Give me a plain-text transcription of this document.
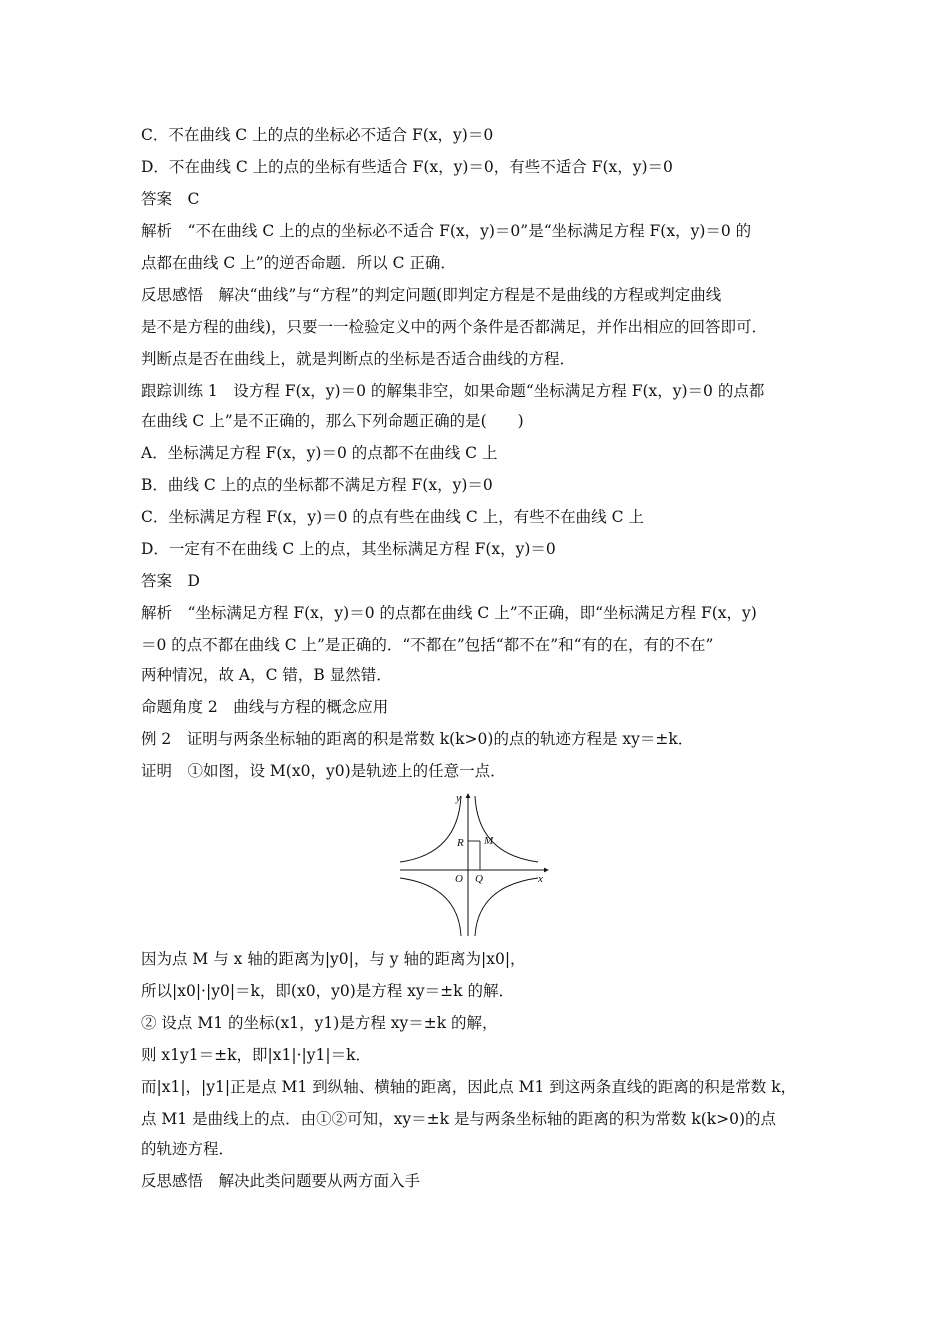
C．不在曲线 C 上的点的坐标必不适合 F(x，y)＝0
D．不在曲线 C 上的点的坐标有些适合 F(x，y)＝0，有些不适合 F(x，y)＝0
答案　C
解析　“不在曲线 C 上的点的坐标必不适合 F(x，y)＝0”是“坐标满足方程 F(x，y)＝0 的
点都在曲线 C 上”的逆否命题．所以 C 正确．
反思感悟　解决“曲线”与“方程”的判定问题(即判定方程是不是曲线的方程或判定曲线
是不是方程的曲线)，只要一一检验定义中的两个条件是否都满足，并作出相应的回答即可．
判断点是否在曲线上，就是判断点的坐标是否适合曲线的方程．
跟踪训练 1　设方程 F(x，y)＝0 的解集非空，如果命题“坐标满足方程 F(x，y)＝0 的点都
在曲线 C 上”是不正确的，那么下列命题正确的是(　　)
A．坐标满足方程 F(x，y)＝0 的点都不在曲线 C 上
B．曲线 C 上的点的坐标都不满足方程 F(x，y)＝0
C．坐标满足方程 F(x，y)＝0 的点有些在曲线 C 上，有些不在曲线 C 上
D．一定有不在曲线 C 上的点，其坐标满足方程 F(x，y)＝0
答案　D
解析　“坐标满足方程 F(x，y)＝0 的点都在曲线 C 上”不正确，即“坐标满足方程 F(x，y)
＝0 的点不都在曲线 C 上”是正确的．“不都在”包括“都不在”和“有的在，有的不在”
两种情况，故 A，C 错，B 显然错．
命题角度 2　曲线与方程的概念应用
例 2　证明与两条坐标轴的距离的积是常数 k(k>0)的点的轨迹方程是 xy＝±k．
证明　①如图，设 M(x0，y0)是轨迹上的任意一点．
y
x
O Q
R M
因为点 M 与 x 轴的距离为|y0|，与 y 轴的距离为|x0|，
所以|x0|·|y0|＝k，即(x0，y0)是方程 xy＝±k 的解．
② 设点 M1 的坐标(x1，y1)是方程 xy＝±k 的解，
则 x1y1＝±k，即|x1|·|y1|＝k．
而|x1|，|y1|正是点 M1 到纵轴、横轴的距离，因此点 M1 到这两条直线的距离的积是常数 k，
点 M1 是曲线上的点．由①②可知，xy＝±k 是与两条坐标轴的距离的积为常数 k(k>0)的点
的轨迹方程．
反思感悟　解决此类问题要从两方面入手
